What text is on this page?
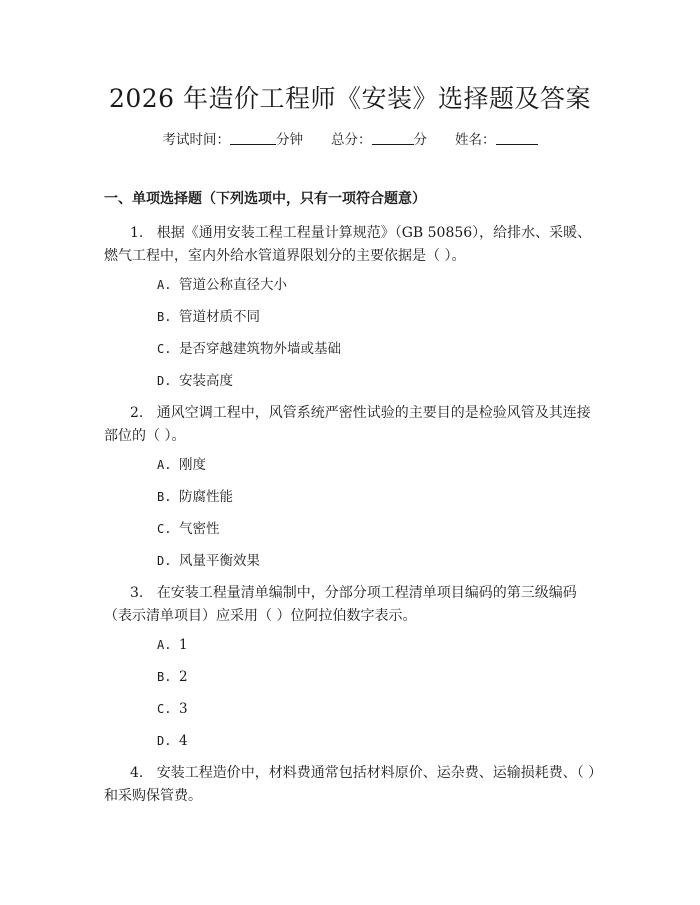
2026 年造价工程师《安装》选择题及答案
考试时间：	分钟 总分：	分 姓名：
一、单项选择题（下列选项中，只有一项符合题意）

1. 根据《通用安装工程工程量计算规范》（GB 50856），给排水、采暖、燃气工程中，室内外给水管道界限划分的主要依据是（ ）。

A. 管道公称直径大小
B. 管道材质不同
C. 是否穿越建筑物外墙或基础
D. 安装高度

2. 通风空调工程中，风管系统严密性试验的主要目的是检验风管及其连接部位的（ ）。

A. 刚度
B. 防腐性能
C. 气密性
D. 风量平衡效果

3. 在安装工程量清单编制中，分部分项工程清单项目编码的第三级编码（表示清单项目）应采用（ ）位阿拉伯数字表示。

A. 1
B. 2
C. 3
D. 4

4. 安装工程造价中，材料费通常包括材料原价、运杂费、运输损耗费、（ ）和采购保管费。
